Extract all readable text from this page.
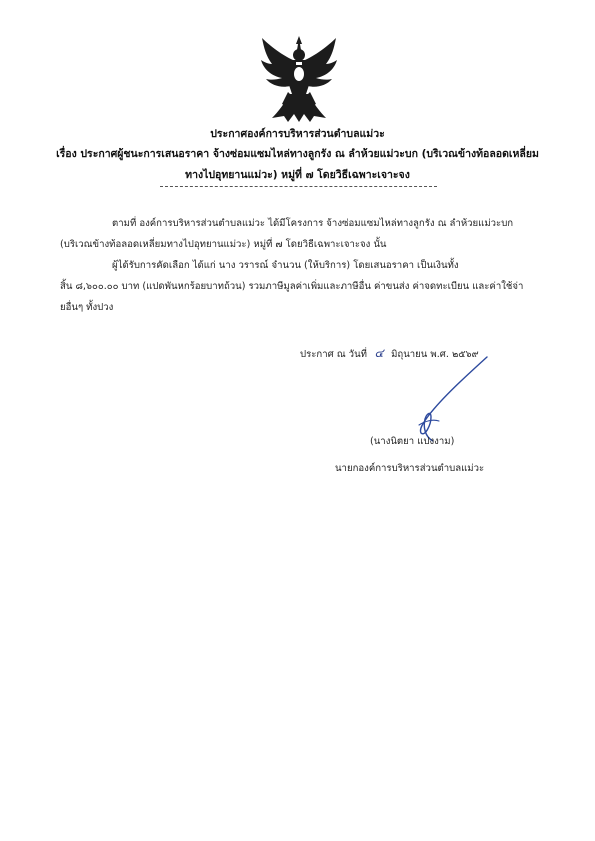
ประกาศองค์การบริหารส่วนตำบลแม่วะ
เรื่อง ประกาศผู้ชนะการเสนอราคา จ้างซ่อมแซมไหล่ทางลูกรัง ณ ลำห้วยแม่วะบก (บริเวณข้างท้อลอดเหลี่ยม
ทางไปอุทยานแม่วะ) หมู่ที่ ๗ โดยวิธีเฉพาะเจาะจง
ตามที่ องค์การบริหารส่วนตำบลแม่วะ ได้มีโครงการ จ้างซ่อมแซมไหล่ทางลูกรัง ณ ลำห้วยแม่วะบก
(บริเวณข้างท้อลอดเหลี่ยมทางไปอุทยานแม่วะ) หมู่ที่ ๗ โดยวิธีเฉพาะเจาะจง นั้น
ผู้ได้รับการคัดเลือก ได้แก่ นาง วรารณ์ จำนวน (ให้บริการ) โดยเสนอราคา เป็นเงินทั้ง
สิ้น ๘,๖๐๐.๐๐ บาท (แปดพันหกร้อยบาทถ้วน) รวมภาษีมูลค่าเพิ่มและภาษีอื่น ค่าขนส่ง ค่าจดทะเบียน และค่าใช้จ่า
ยอื่นๆ ทั้งปวง
ประกาศ ณ วันที่ ๔ มิถุนายน พ.ศ. ๒๕๖๙
(นางนิตยา แปงงาม)
นายกองค์การบริหารส่วนตำบลแม่วะ
